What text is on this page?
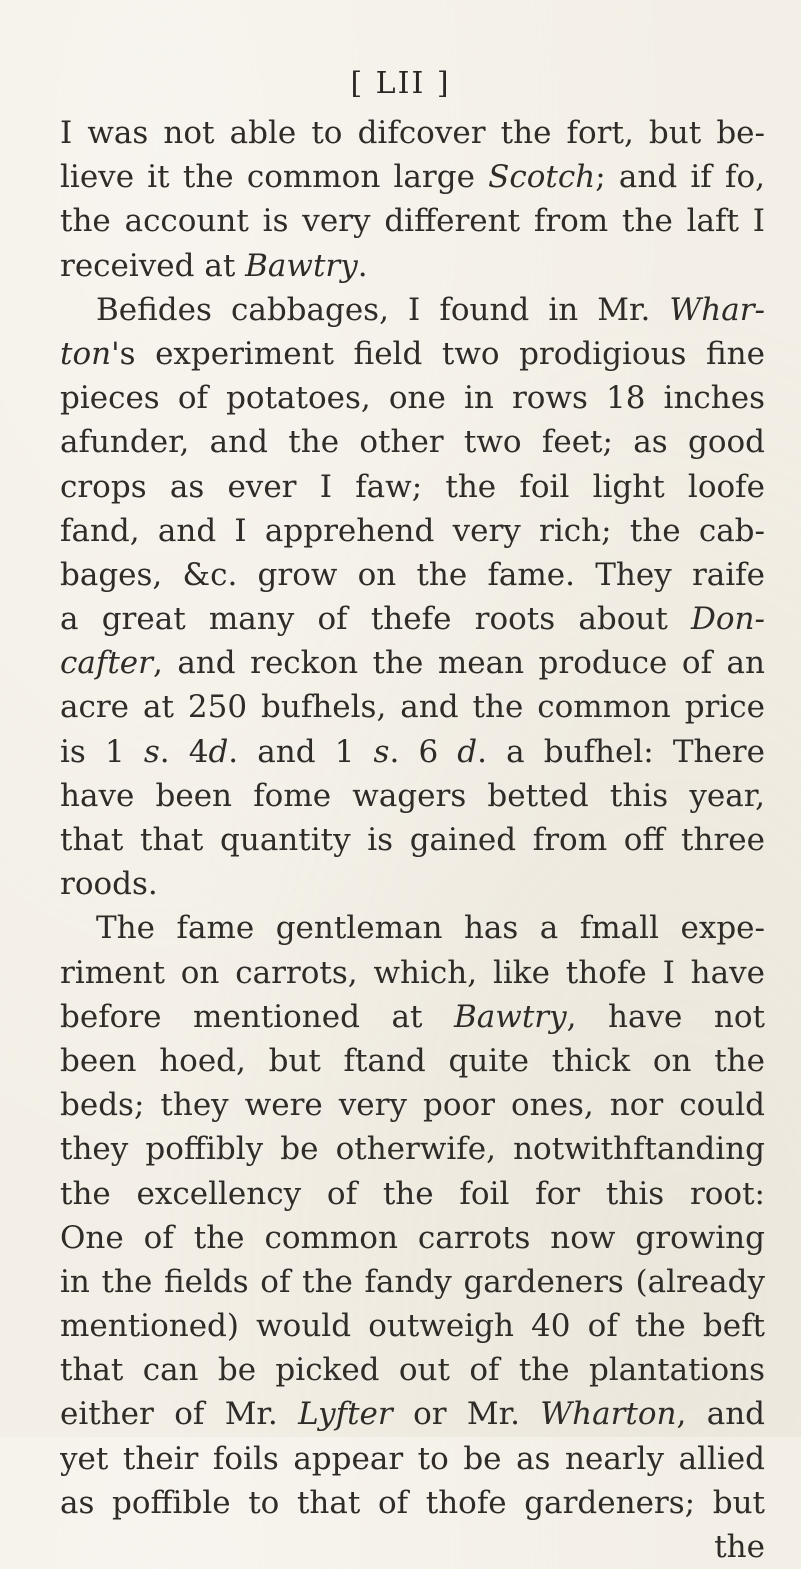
[ LII ]
I was not able to difcover the fort, but be-
lieve it the common large Scotch; and if fo,
the account is very different from the laft I
received at Bawtry.
Befides cabbages, I found in Mr. Whar-
ton's experiment field two prodigious fine
pieces of potatoes, one in rows 18 inches
afunder, and the other two feet; as good
crops as ever I faw; the foil light loofe
fand, and I apprehend very rich; the cab-
bages, &c. grow on the fame. They raife
a great many of thefe roots about Don-
cafter, and reckon the mean produce of an
acre at 250 bufhels, and the common price
is 1 s. 4d. and 1 s. 6 d. a bufhel: There
have been fome wagers betted this year,
that that quantity is gained from off three
roods.
The fame gentleman has a fmall expe-
riment on carrots, which, like thofe I have
before mentioned at Bawtry, have not
been hoed, but ftand quite thick on the
beds; they were very poor ones, nor could
they poffibly be otherwife, notwithftanding
the excellency of the foil for this root:
One of the common carrots now growing
in the fields of the fandy gardeners (already
mentioned) would outweigh 40 of the beft
that can be picked out of the plantations
either of Mr. Lyfter or Mr. Wharton, and
yet their foils appear to be as nearly allied
as poffible to that of thofe gardeners; but
the
